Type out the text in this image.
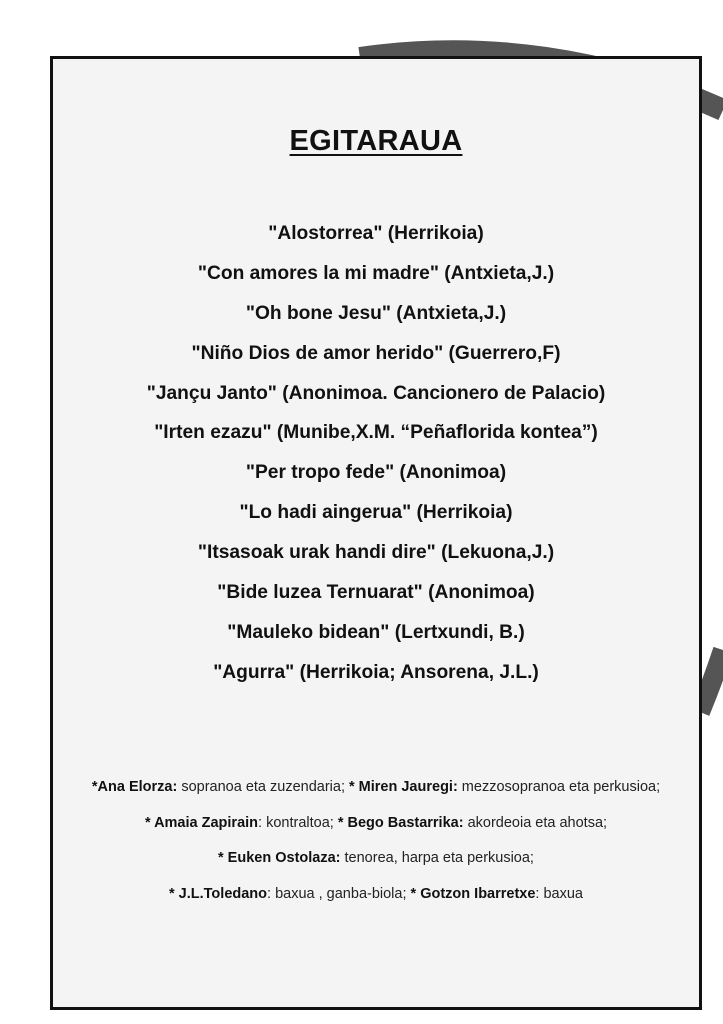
EGITARAUA
"Alostorrea" (Herrikoia)
"Con amores la mi madre" (Antxieta,J.)
"Oh bone Jesu" (Antxieta,J.)
"Niño Dios de amor herido" (Guerrero,F)
"Jançu Janto" (Anonimoa. Cancionero de Palacio)
"Irten ezazu" (Munibe,X.M. “Peñaflorida kontea”)
"Per tropo fede" (Anonimoa)
"Lo hadi aingerua" (Herrikoia)
"Itsasoak urak handi dire" (Lekuona,J.)
"Bide luzea Ternuarat" (Anonimoa)
"Mauleko bidean" (Lertxundi, B.)
"Agurra" (Herrikoia; Ansorena, J.L.)
*Ana Elorza: sopranoa eta zuzendaria; * Miren Jauregi: mezzosopranoa eta perkusioa;
* Amaia Zapirain: kontraltoa; * Bego Bastarrika: akordeoia eta ahotsa;
* Euken Ostolaza: tenorea, harpa eta perkusioa;
* J.L.Toledano: baxua , ganba-biola; * Gotzon Ibarretxe: baxua
